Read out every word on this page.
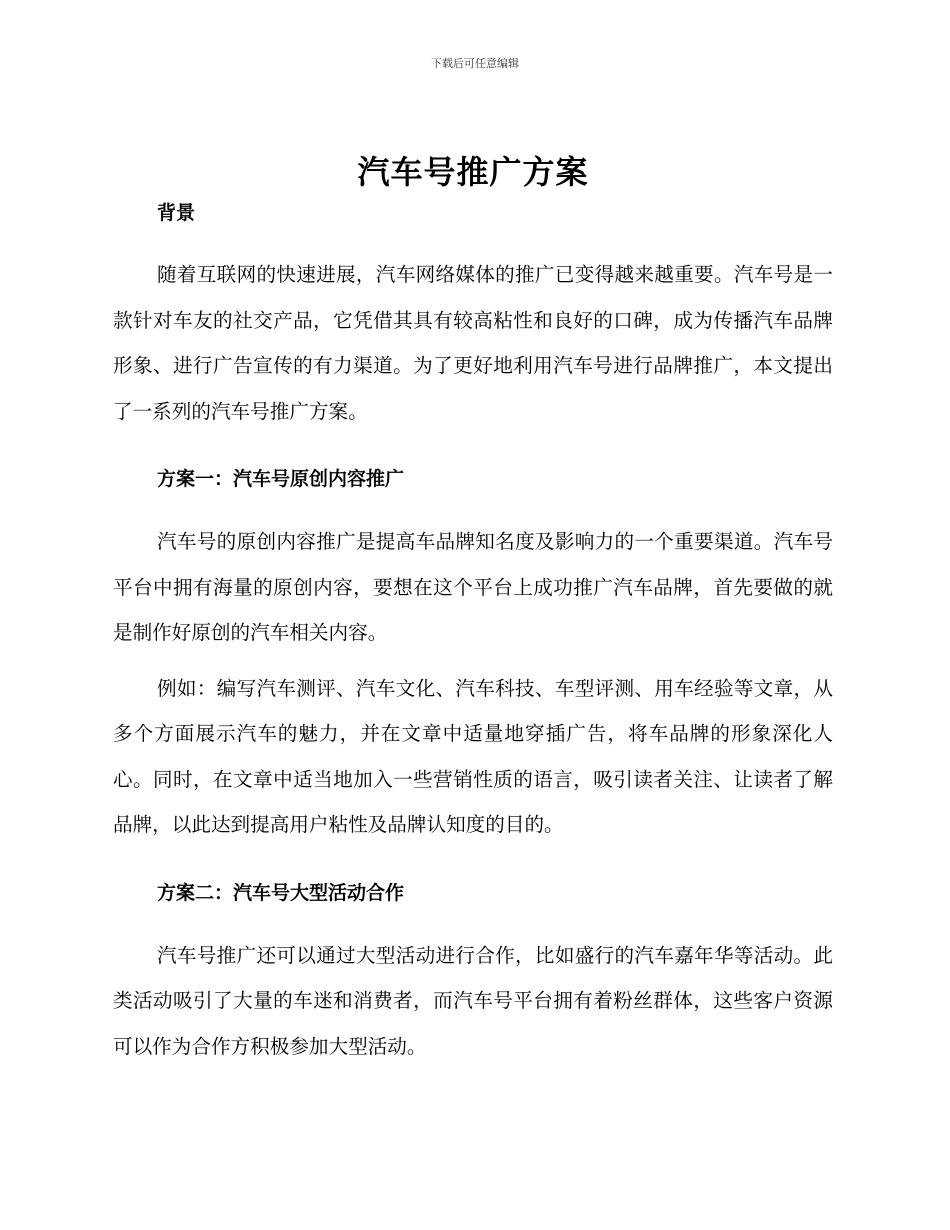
下载后可任意编辑
汽车号推广方案
背景

随着互联网的快速进展，汽车网络媒体的推广已变得越来越重要。汽车号是一款针对车友的社交产品，它凭借其具有较高粘性和良好的口碑，成为传播汽车品牌形象、进行广告宣传的有力渠道。为了更好地利用汽车号进行品牌推广，本文提出了一系列的汽车号推广方案。

方案一：汽车号原创内容推广

汽车号的原创内容推广是提高车品牌知名度及影响力的一个重要渠道。汽车号平台中拥有海量的原创内容，要想在这个平台上成功推广汽车品牌，首先要做的就是制作好原创的汽车相关内容。

例如：编写汽车测评、汽车文化、汽车科技、车型评测、用车经验等文章，从多个方面展示汽车的魅力，并在文章中适量地穿插广告，将车品牌的形象深化人心。同时，在文章中适当地加入一些营销性质的语言，吸引读者关注、让读者了解品牌，以此达到提高用户粘性及品牌认知度的目的。

方案二：汽车号大型活动合作

汽车号推广还可以通过大型活动进行合作，比如盛行的汽车嘉年华等活动。此类活动吸引了大量的车迷和消费者，而汽车号平台拥有着粉丝群体，这些客户资源可以作为合作方积极参加大型活动。
